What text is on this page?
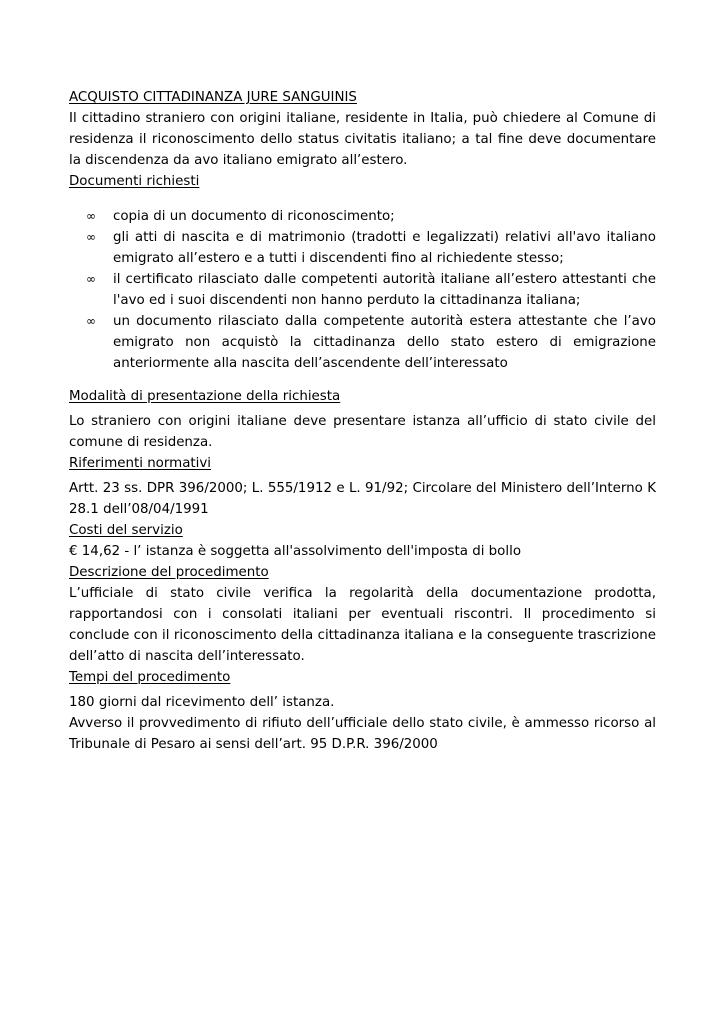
ACQUISTO CITTADINANZA JURE SANGUINIS

Il cittadino straniero con origini italiane, residente in Italia, può chiedere al Comune di residenza il riconoscimento dello status civitatis italiano; a tal fine deve documentare la discendenza da avo italiano emigrato all’estero.

Documenti richiesti
∞ copia di un documento di riconoscimento;
∞ gli atti di nascita e di matrimonio (tradotti e legalizzati) relativi all'avo italiano emigrato all’estero e a tutti i discendenti fino al richiedente stesso;
∞ il certificato rilasciato dalle competenti autorità italiane all’estero attestanti che l'avo ed i suoi discendenti non hanno perduto la cittadinanza italiana;
∞ un documento rilasciato dalla competente autorità estera attestante che l’avo emigrato non acquistò la cittadinanza dello stato estero di emigrazione anteriormente alla nascita dell’ascendente dell’interessato
Modalità di presentazione della richiesta

Lo straniero con origini italiane deve presentare istanza all’ufficio di stato civile del comune di residenza.

Riferimenti normativi

Artt. 23 ss. DPR 396/2000; L. 555/1912 e L. 91/92; Circolare del Ministero dell’Interno K 28.1 dell’08/04/1991

Costi del servizio

€ 14,62 - l’ istanza è soggetta all'assolvimento dell'imposta di bollo

Descrizione del procedimento

L’ufficiale di stato civile verifica la regolarità della documentazione prodotta, rapportandosi con i consolati italiani per eventuali riscontri. Il procedimento si conclude con il riconoscimento della cittadinanza italiana e la conseguente trascrizione dell’atto di nascita dell’interessato.

Tempi del procedimento

180 giorni dal ricevimento dell’ istanza.

Avverso il provvedimento di rifiuto dell’ufficiale dello stato civile, è ammesso ricorso al Tribunale di Pesaro ai sensi dell’art. 95 D.P.R. 396/2000
